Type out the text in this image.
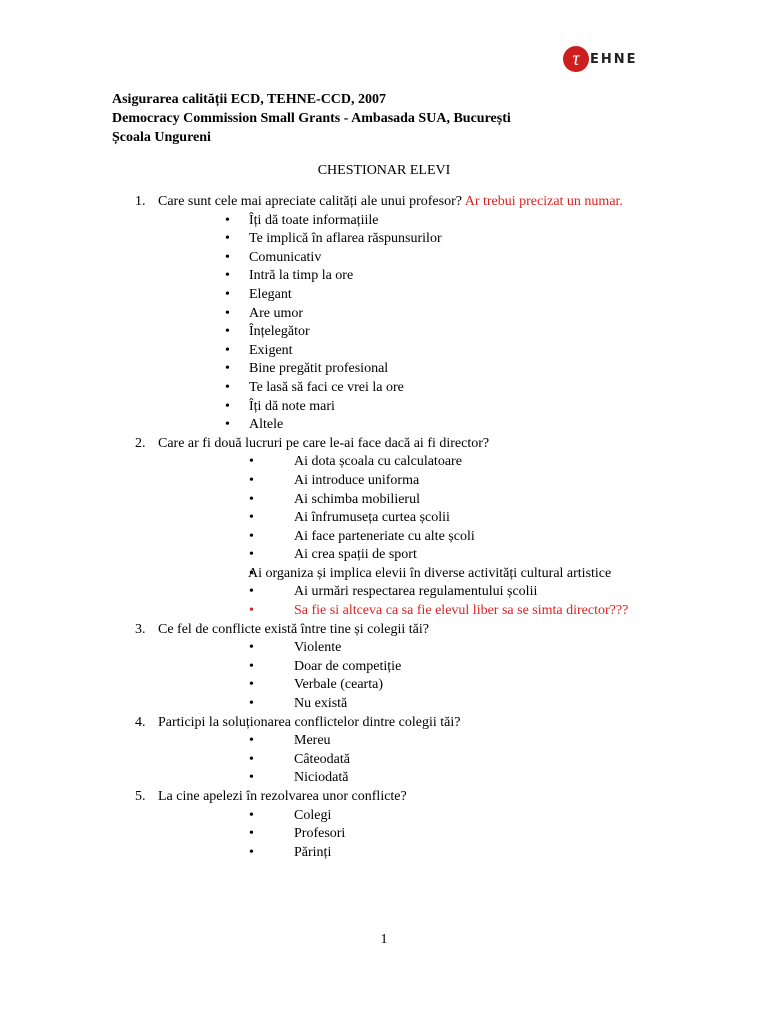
τ EHNE
Asigurarea calității ECD, TEHNE-CCD, 2007
Democracy Commission Small Grants - Ambasada SUA, București
Școala Ungureni
CHESTIONAR ELEVI
1. Care sunt cele mai apreciate calități ale unui profesor? Ar trebui precizat un numar.
• Îți dă toate informațiile
• Te implică în aflarea răspunsurilor
• Comunicativ
• Intră la timp la ore
• Elegant
• Are umor
• Înțelegător
• Exigent
• Bine pregătit profesional
• Te lasă să faci ce vrei la ore
• Îți dă note mari
• Altele
2. Care ar fi două lucruri pe care le-ai face dacă ai fi director?
• Ai dota școala cu calculatoare
• Ai introduce uniforma
• Ai schimba mobilierul
• Ai înfrumuseța curtea școlii
• Ai face parteneriate cu alte școli
• Ai crea spații de sport
• Ai organiza și implica elevii în diverse activități cultural artistice
• Ai urmări respectarea regulamentului școlii
• Sa fie si altceva ca sa fie elevul liber sa se simta director???
3. Ce fel de conflicte există între tine și colegii tăi?
• Violente
• Doar de competiție
• Verbale (cearta)
• Nu există
4. Participi la soluționarea conflictelor dintre colegii tăi?
• Mereu
• Câteodată
• Niciodată
5. La cine apelezi în rezolvarea unor conflicte?
• Colegi
• Profesori
• Părinți
1
